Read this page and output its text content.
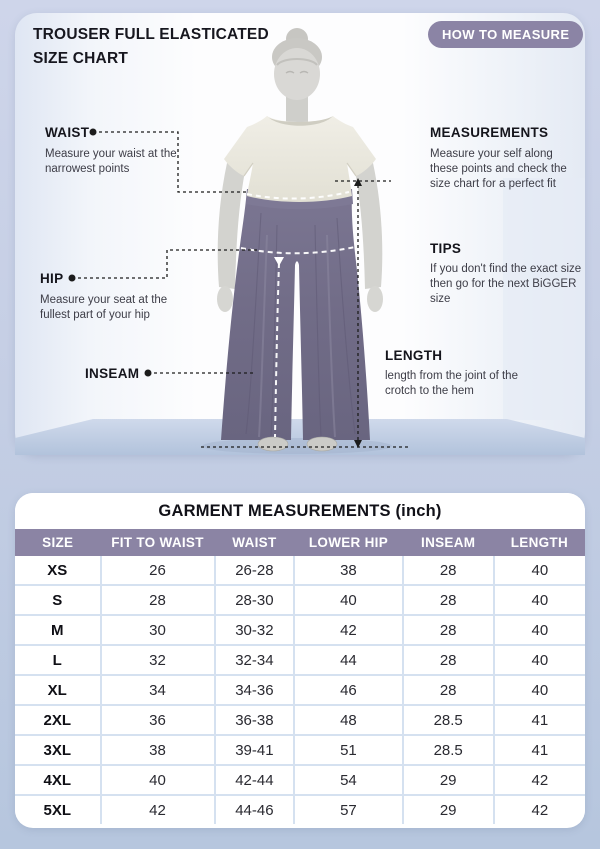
TROUSER FULL ELASTICATED
SIZE CHART
HOW TO MEASURE
WAIST

Measure your waist at the narrowest points

HIP

Measure your seat at the fullest part of your hip

INSEAM
MEASUREMENTS

Measure your self along these points and check the size chart for a perfect fit

TIPS

If you don't find the exact size then go for the next BiGGER size

LENGTH

length from the joint of the crotch to the hem

GARMENT MEASUREMENTS (inch)
SIZE	FIT TO WAIST	WAIST	LOWER HIP	INSEAM	LENGTH
XS	26	26-28	38	28	40
S	28	28-30	40	28	40
M	30	30-32	42	28	40
L	32	32-34	44	28	40
XL	34	34-36	46	28	40
2XL	36	36-38	48	28.5	41
3XL	38	39-41	51	28.5	41
4XL	40	42-44	54	29	42
5XL	42	44-46	57	29	42
